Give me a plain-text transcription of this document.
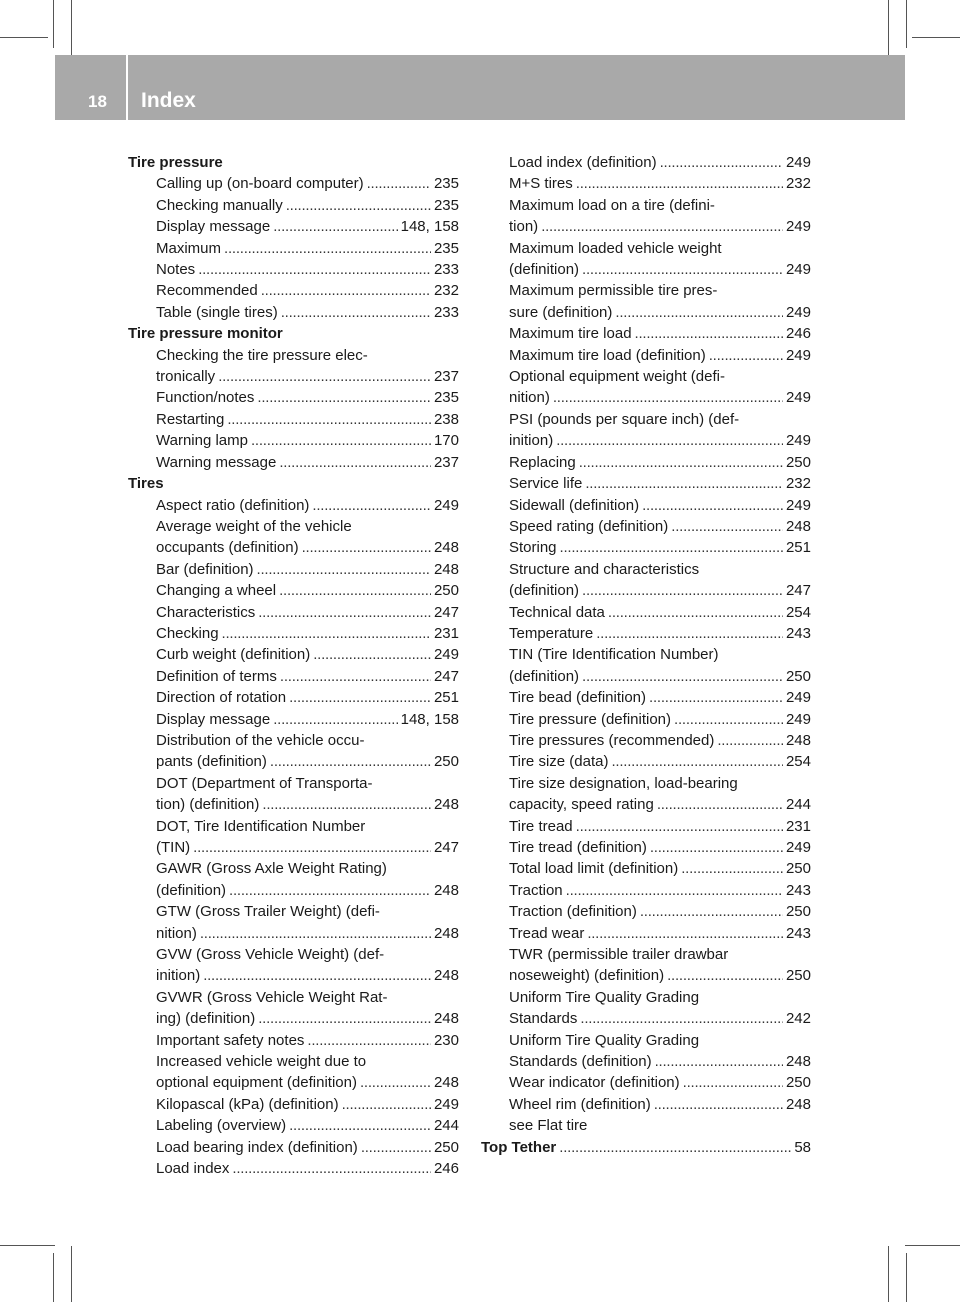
18 Index
Tire pressure
Calling up (on-board computer) . . .	235
Checking manually . . .	235
Display message . . .	148, 158
Maximum . . .	235
Notes . . .	233
Recommended . . .	232
Table (single tires) . . .	233
Tire pressure monitor
Checking the tire pressure elec-
tronically . . .	237
Function/notes . . .	235
Restarting . . .	238
Warning lamp . . .	170
Warning message . . .	237
Tires
Aspect ratio (definition) . . .	249
Average weight of the vehicle
occupants (definition) . . .	248
Bar (definition) . . .	248
Changing a wheel . . .	250
Characteristics . . .	247
Checking . . .	231
Curb weight (definition) . . .	249
Definition of terms . . .	247
Direction of rotation . . .	251
Display message . . .	148, 158
Distribution of the vehicle occu-
pants (definition) . . .	250
DOT (Department of Transporta-
tion) (definition) . . .	248
DOT, Tire Identification Number
(TIN) . . .	247
GAWR (Gross Axle Weight Rating)
(definition) . . .	248
GTW (Gross Trailer Weight) (defi-
nition) . . .	248
GVW (Gross Vehicle Weight) (def-
inition) . . .	248
GVWR (Gross Vehicle Weight Rat-
ing) (definition) . . .	248
Important safety notes . . .	230
Increased vehicle weight due to
optional equipment (definition) . . .	248
Kilopascal (kPa) (definition) . . .	249
Labeling (overview) . . .	244
Load bearing index (definition) . . .	250
Load index . . .	246
Load index (definition) . . .	249
M+S tires . . .	232
Maximum load on a tire (defini-
tion) . . .	249
Maximum loaded vehicle weight
(definition) . . .	249
Maximum permissible tire pres-
sure (definition) . . .	249
Maximum tire load . . .	246
Maximum tire load (definition) . . .	249
Optional equipment weight (defi-
nition) . . .	249
PSI (pounds per square inch) (def-
inition) . . .	249
Replacing . . .	250
Service life . . .	232
Sidewall (definition) . . .	249
Speed rating (definition) . . .	248
Storing . . .	251
Structure and characteristics
(definition) . . .	247
Technical data . . .	254
Temperature . . .	243
TIN (Tire Identification Number)
(definition) . . .	250
Tire bead (definition) . . .	249
Tire pressure (definition) . . .	249
Tire pressures (recommended) . . .	248
Tire size (data) . . .	254
Tire size designation, load-bearing
capacity, speed rating . . .	244
Tire tread . . .	231
Tire tread (definition) . . .	249
Total load limit (definition) . . .	250
Traction . . .	243
Traction (definition) . . .	250
Tread wear . . .	243
TWR (permissible trailer drawbar
noseweight) (definition) . . .	250
Uniform Tire Quality Grading
Standards . . .	242
Uniform Tire Quality Grading
Standards (definition) . . .	248
Wear indicator (definition) . . .	250
Wheel rim (definition) . . .	248
see Flat tire
Top Tether . . .	58
